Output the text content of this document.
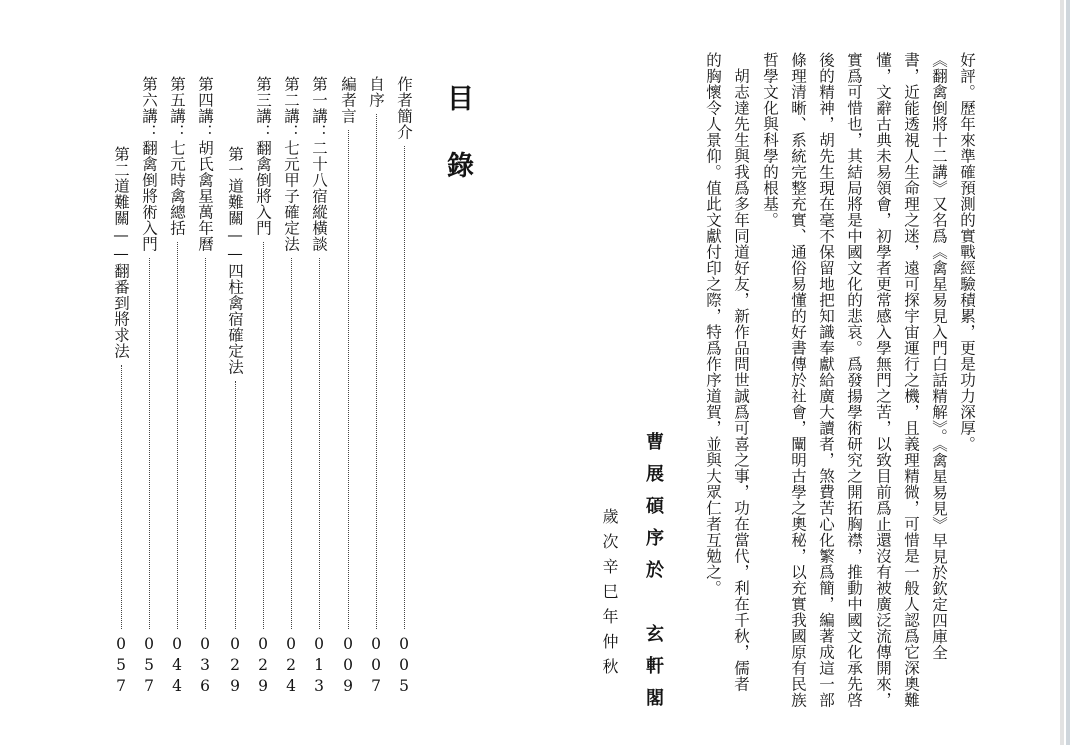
好評。歷年來準確預測的實戰經驗積累，更是功力深厚。
《翻禽倒將十二講》又名爲《禽星易見入門白話精解》。《禽星易見》早見於欽定四庫全
書，近能透視人生命理之迷，遠可探宇宙運行之機，且義理精微，可惜是一般人認爲它深奧難
懂，文辭古典未易領會，初學者更常感入學無門之苦，以致目前爲止還沒有被廣泛流傳開來，
實爲可惜也，其結局將是中國文化的悲哀。爲發揚學術研究之開拓胸襟，推動中國文化承先啓
後的精神，胡先生現在毫不保留地把知識奉獻給廣大讀者，煞費苦心化繁爲簡，編著成這一部
條理清晰、系統完整充實、通俗易懂的好書傳於社會，闡明古學之奧秘，以充實我國原有民族
哲學文化與科學的根基。
　胡志達先生與我爲多年同道好友，新作品問世誠爲可喜之事，功在當代，利在千秋，儒者
的胸懷令人景仰。值此文獻付印之際，特爲作序道賀，並與大眾仁者互勉之。
曹展碩序於　玄軒閣
歲次辛巳年仲秋
目錄
作者簡介
005
自序
007
編者言
009
第一講：二十八宿縱橫談
013
第二講：七元甲子確定法
024
第三講：翻禽倒將入門
029
第一道難關——四柱禽宿確定法
029
第四講：胡氏禽星萬年曆
036
第五講：七元時禽總括
044
第六講：翻禽倒將術入門
057
第二道難關——翻番到將求法
057
